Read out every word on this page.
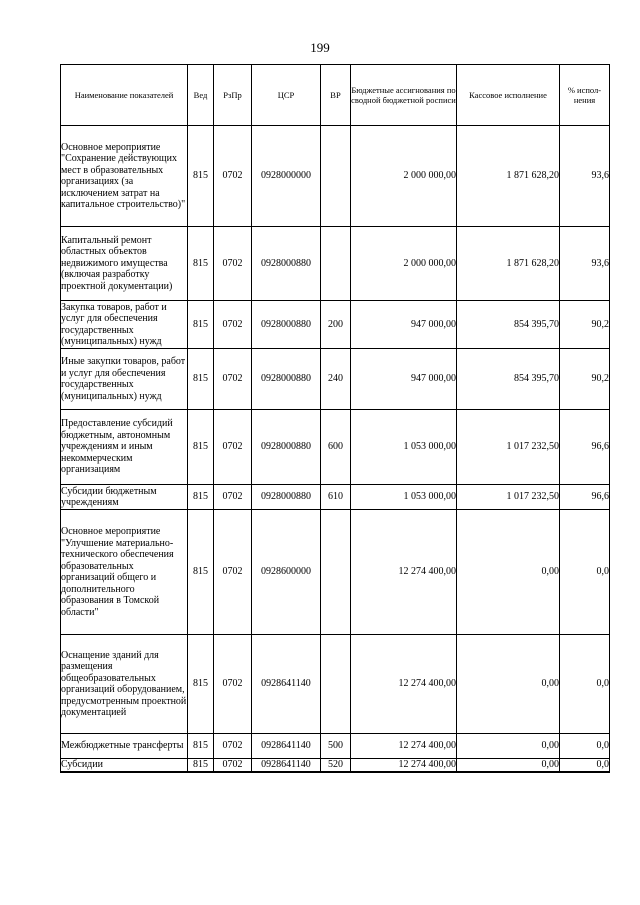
199
Наименование показателей	Вед	РзПр	ЦСР	ВР	Бюджетные ассигнования по сводной бюджетной росписи	Кассовое исполнение	% испол-нения
Основное мероприятие "Сохранение действующих мест в образовательных организациях (за исключением затрат на капитальное строительство)"	815	0702	0928000000		2 000 000,00	1 871 628,20	93,6
Капитальный ремонт областных объектов недвижимого имущества (включая разработку проектной документации)	815	0702	0928000880		2 000 000,00	1 871 628,20	93,6
Закупка товаров, работ и услуг для обеспечения государственных (муниципальных) нужд	815	0702	0928000880	200	947 000,00	854 395,70	90,2
Иные закупки товаров, работ и услуг для обеспечения государственных (муниципальных) нужд	815	0702	0928000880	240	947 000,00	854 395,70	90,2
Предоставление субсидий бюджетным, автономным учреждениям и иным некоммерческим организациям	815	0702	0928000880	600	1 053 000,00	1 017 232,50	96,6
Субсидии бюджетным учреждениям	815	0702	0928000880	610	1 053 000,00	1 017 232,50	96,6
Основное мероприятие "Улучшение материально-технического обеспечения образовательных организаций общего и дополнительного образования в Томской области"	815	0702	0928600000		12 274 400,00	0,00	0,0
Оснащение зданий для размещения общеобразовательных организаций оборудованием, предусмотренным проектной документацией	815	0702	0928641140		12 274 400,00	0,00	0,0
Межбюджетные трансферты	815	0702	0928641140	500	12 274 400,00	0,00	0,0
Субсидии	815	0702	0928641140	520	12 274 400,00	0,00	0,0
